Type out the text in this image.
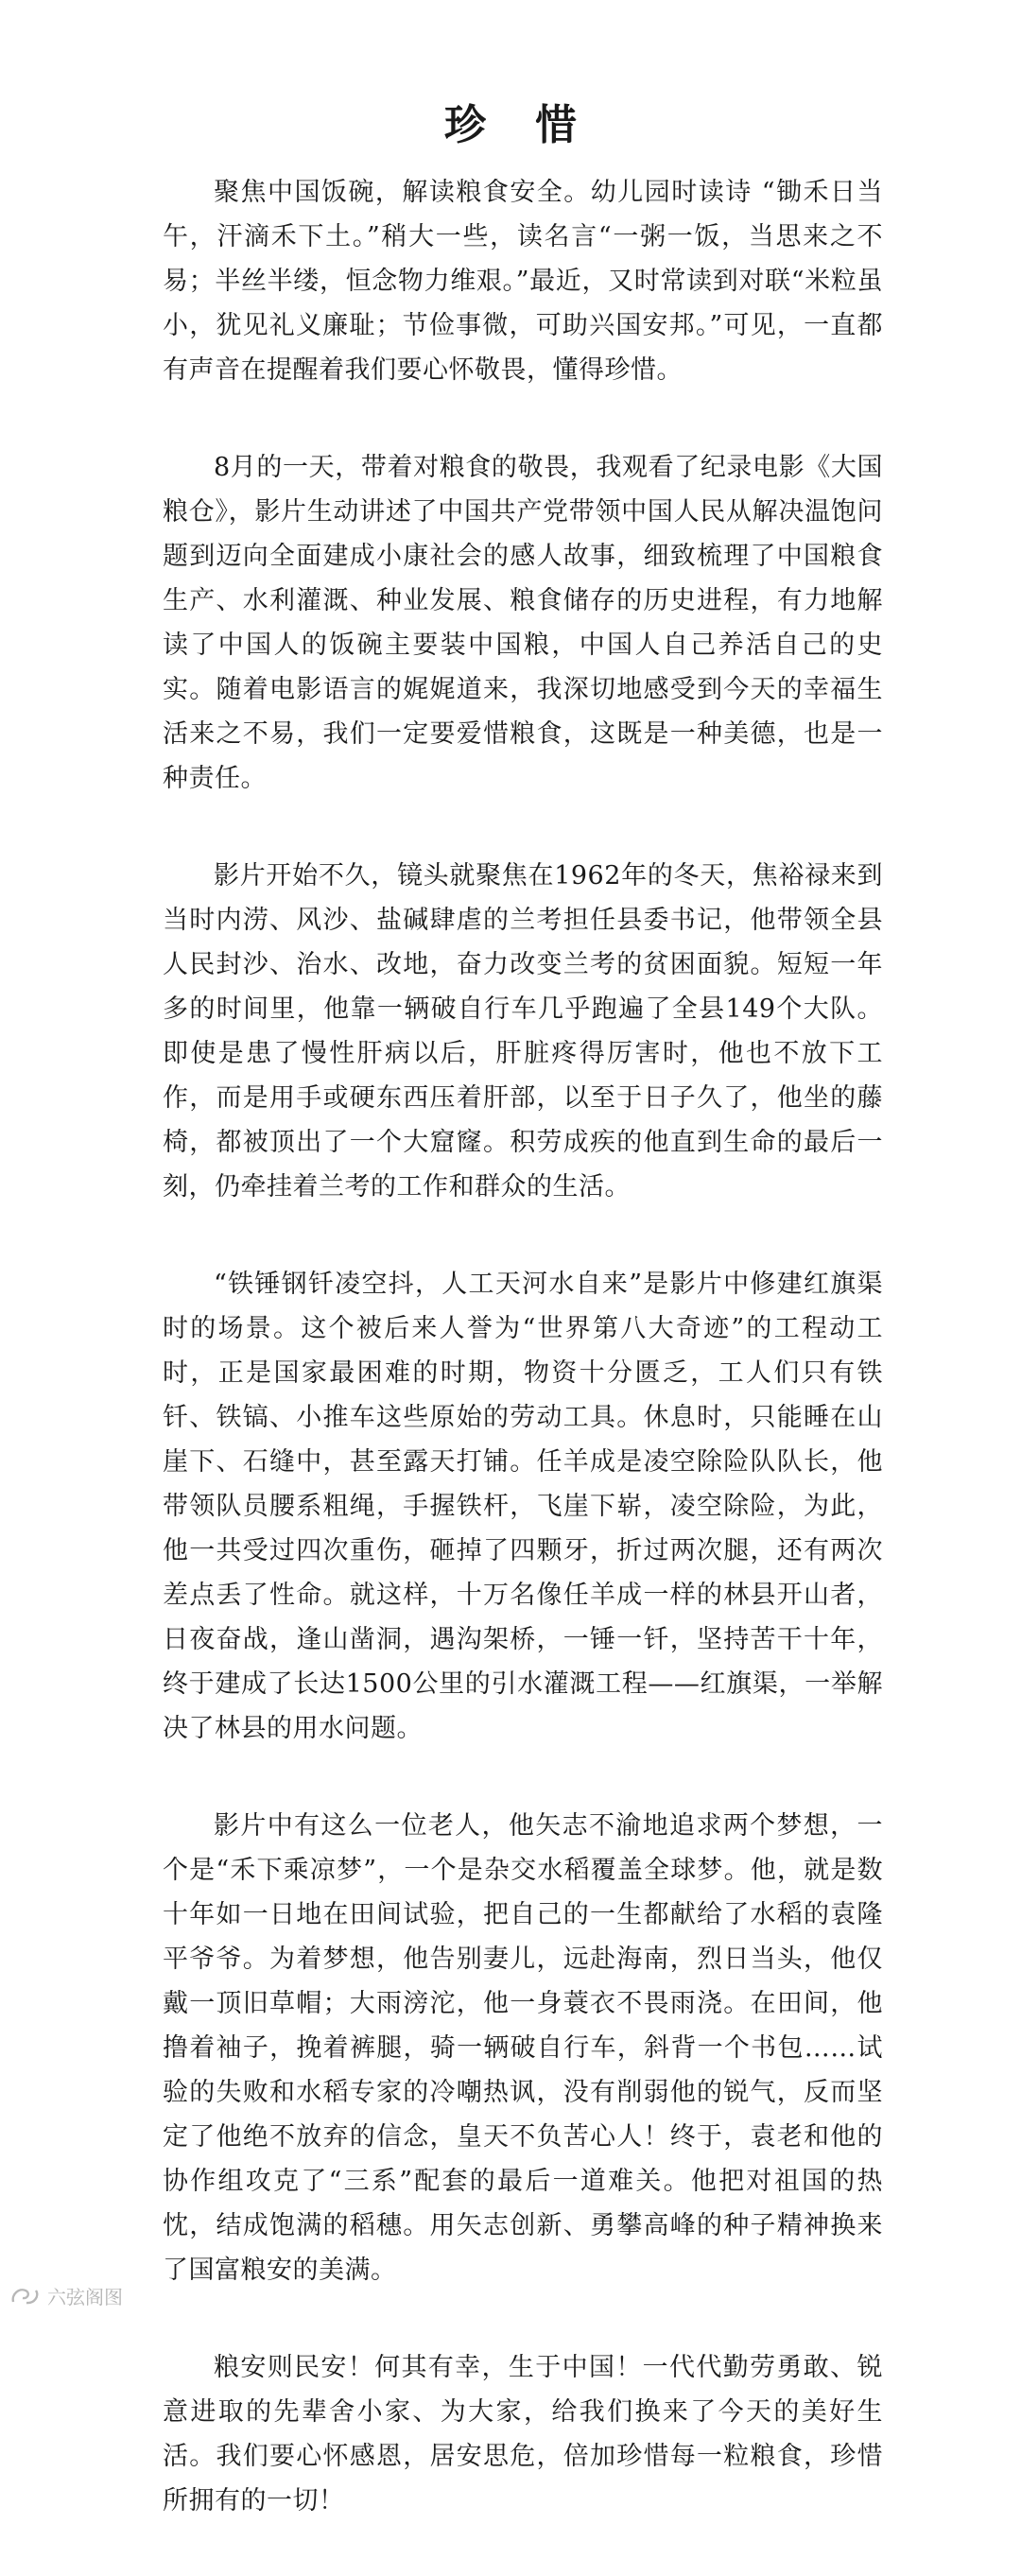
珍惜

聚焦中国饭碗，解读粮食安全。幼儿园时读诗 “锄禾日当午，汗滴禾下土。”稍大一些，读名言“一粥一饭，当思来之不易；半丝半缕，恒念物力维艰。”最近，又时常读到对联“米粒虽小，犹见礼义廉耻；节俭事微，可助兴国安邦。”可见，一直都有声音在提醒着我们要心怀敬畏，懂得珍惜。

8月的一天，带着对粮食的敬畏，我观看了纪录电影《大国粮仓》，影片生动讲述了中国共产党带领中国人民从解决温饱问题到迈向全面建成小康社会的感人故事，细致梳理了中国粮食生产、水利灌溉、种业发展、粮食储存的历史进程，有力地解读了中国人的饭碗主要装中国粮，中国人自己养活自己的史实。随着电影语言的娓娓道来，我深切地感受到今天的幸福生活来之不易，我们一定要爱惜粮食，这既是一种美德，也是一种责任。

影片开始不久，镜头就聚焦在1962年的冬天，焦裕禄来到当时内涝、风沙、盐碱肆虐的兰考担任县委书记，他带领全县人民封沙、治水、改地，奋力改变兰考的贫困面貌。短短一年多的时间里，他靠一辆破自行车几乎跑遍了全县149个大队。即使是患了慢性肝病以后，肝脏疼得厉害时，他也不放下工作，而是用手或硬东西压着肝部，以至于日子久了，他坐的藤椅，都被顶出了一个大窟窿。积劳成疾的他直到生命的最后一刻，仍牵挂着兰考的工作和群众的生活。

“铁锤钢钎凌空抖，人工天河水自来”是影片中修建红旗渠时的场景。这个被后来人誉为“世界第八大奇迹”的工程动工时，正是国家最困难的时期，物资十分匮乏，工人们只有铁钎、铁镐、小推车这些原始的劳动工具。休息时，只能睡在山崖下、石缝中，甚至露天打铺。任羊成是凌空除险队队长，他带领队员腰系粗绳，手握铁杆，飞崖下崭，凌空除险，为此，他一共受过四次重伤，砸掉了四颗牙，折过两次腿，还有两次差点丢了性命。就这样，十万名像任羊成一样的林县开山者，日夜奋战，逢山凿洞，遇沟架桥，一锤一钎，坚持苦干十年，终于建成了长达1500公里的引水灌溉工程——红旗渠，一举解决了林县的用水问题。

影片中有这么一位老人，他矢志不渝地追求两个梦想，一个是“禾下乘凉梦”，一个是杂交水稻覆盖全球梦。他，就是数十年如一日地在田间试验，把自己的一生都献给了水稻的袁隆平爷爷。为着梦想，他告别妻儿，远赴海南，烈日当头，他仅戴一顶旧草帽；大雨滂沱，他一身蓑衣不畏雨浇。在田间，他撸着袖子，挽着裤腿，骑一辆破自行车，斜背一个书包……试验的失败和水稻专家的冷嘲热讽，没有削弱他的锐气，反而坚定了他绝不放弃的信念，皇天不负苦心人！终于，袁老和他的协作组攻克了“三系”配套的最后一道难关。他把对祖国的热忱，结成饱满的稻穗。用矢志创新、勇攀高峰的种子精神换来了国富粮安的美满。

粮安则民安！何其有幸，生于中国！一代代勤劳勇敢、锐意进取的先辈舍小家、为大家，给我们换来了今天的美好生活。我们要心怀感恩，居安思危，倍加珍惜每一粒粮食，珍惜所拥有的一切！

六弦阁图
